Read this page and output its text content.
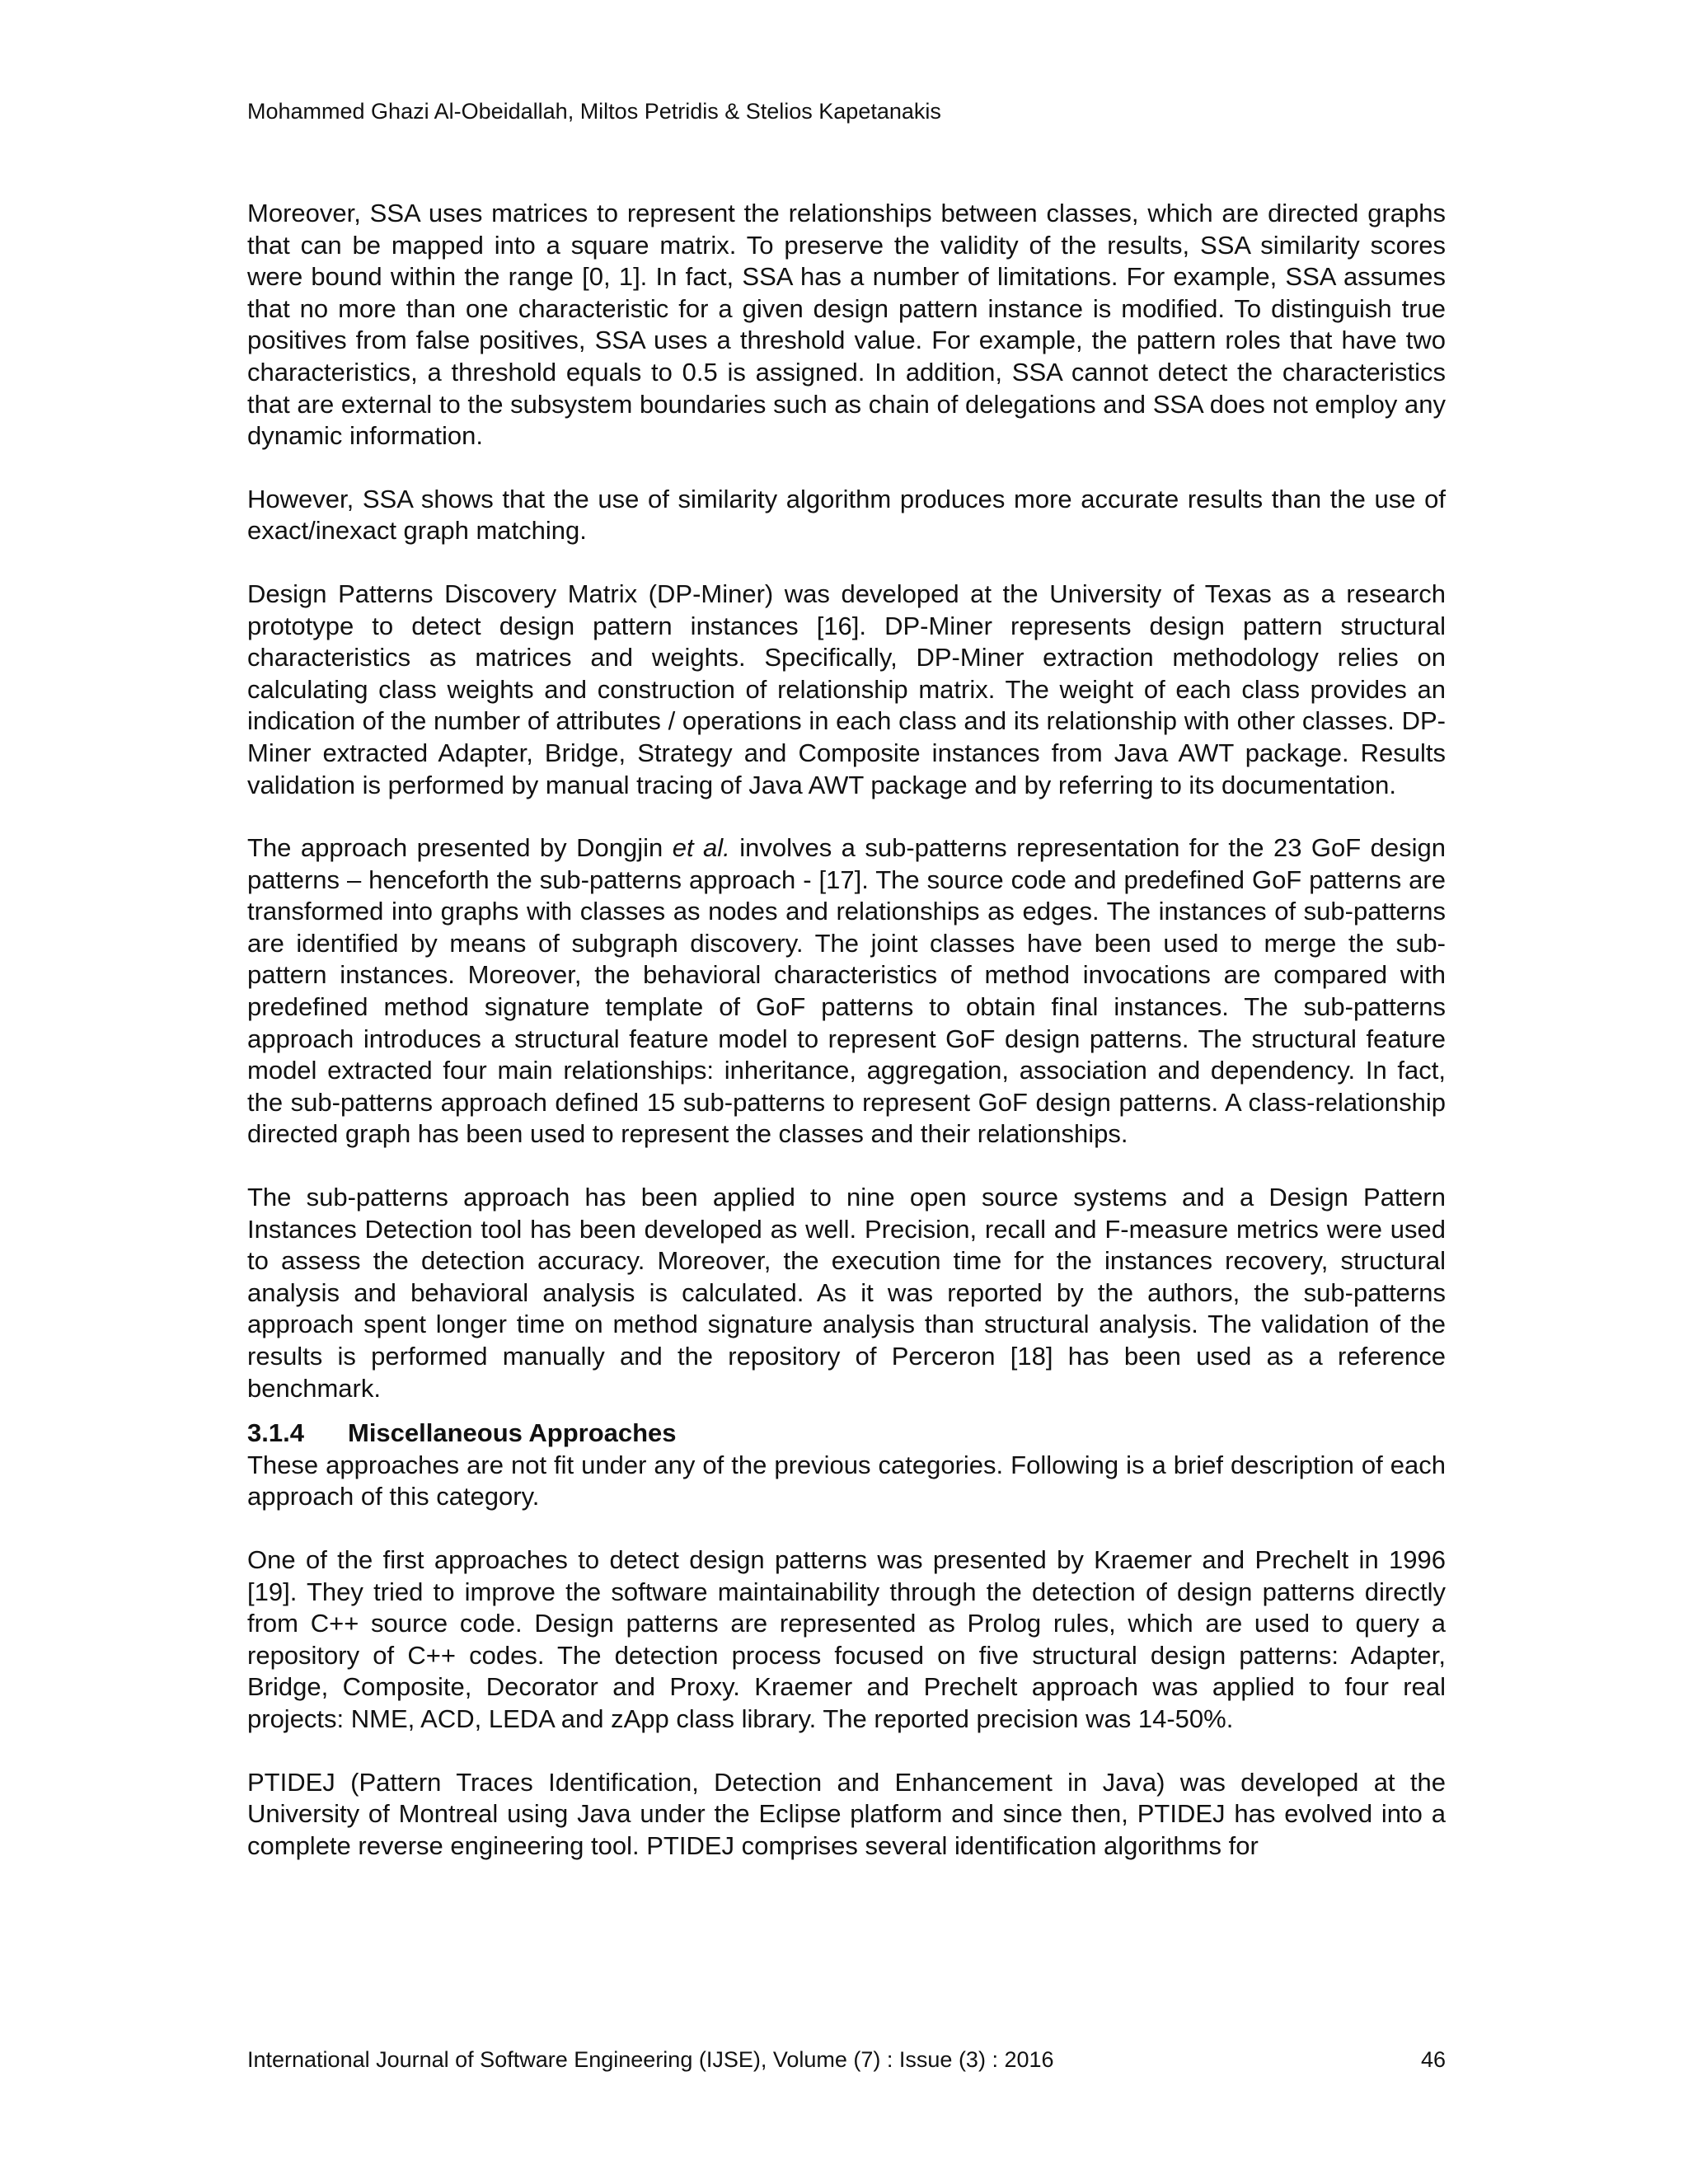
Mohammed Ghazi Al-Obeidallah, Miltos Petridis & Stelios Kapetanakis

Moreover, SSA uses matrices to represent the relationships between classes, which are directed graphs that can be mapped into a square matrix. To preserve the validity of the results, SSA similarity scores were bound within the range [0, 1]. In fact, SSA has a number of limitations. For example, SSA assumes that no more than one characteristic for a given design pattern instance is modified. To distinguish true positives from false positives, SSA uses a threshold value. For example, the pattern roles that have two characteristics, a threshold equals to 0.5 is assigned. In addition, SSA cannot detect the characteristics that are external to the subsystem boundaries such as chain of delegations and SSA does not employ any dynamic information.

However, SSA shows that the use of similarity algorithm produces more accurate results than the use of exact/inexact graph matching.

Design Patterns Discovery Matrix (DP-Miner) was developed at the University of Texas as a research prototype to detect design pattern instances [16]. DP-Miner represents design pattern structural characteristics as matrices and weights. Specifically, DP-Miner extraction methodology relies on calculating class weights and construction of relationship matrix. The weight of each class provides an indication of the number of attributes / operations in each class and its relationship with other classes. DP-Miner extracted Adapter, Bridge, Strategy and Composite instances from Java AWT package. Results validation is performed by manual tracing of Java AWT package and by referring to its documentation.

The approach presented by Dongjin et al. involves a sub-patterns representation for the 23 GoF design patterns – henceforth the sub-patterns approach - [17]. The source code and predefined GoF patterns are transformed into graphs with classes as nodes and relationships as edges. The instances of sub-patterns are identified by means of subgraph discovery. The joint classes have been used to merge the sub-pattern instances. Moreover, the behavioral characteristics of method invocations are compared with predefined method signature template of GoF patterns to obtain final instances. The sub-patterns approach introduces a structural feature model to represent GoF design patterns. The structural feature model extracted four main relationships: inheritance, aggregation, association and dependency. In fact, the sub-patterns approach defined 15 sub-patterns to represent GoF design patterns. A class-relationship directed graph has been used to represent the classes and their relationships.

The sub-patterns approach has been applied to nine open source systems and a Design Pattern Instances Detection tool has been developed as well. Precision, recall and F-measure metrics were used to assess the detection accuracy. Moreover, the execution time for the instances recovery, structural analysis and behavioral analysis is calculated. As it was reported by the authors, the sub-patterns approach spent longer time on method signature analysis than structural analysis. The validation of the results is performed manually and the repository of Perceron [18] has been used as a reference benchmark.

3.1.4 Miscellaneous Approaches

These approaches are not fit under any of the previous categories. Following is a brief description of each approach of this category.

One of the first approaches to detect design patterns was presented by Kraemer and Prechelt in 1996 [19]. They tried to improve the software maintainability through the detection of design patterns directly from C++ source code. Design patterns are represented as Prolog rules, which are used to query a repository of C++ codes. The detection process focused on five structural design patterns: Adapter, Bridge, Composite, Decorator and Proxy. Kraemer and Prechelt approach was applied to four real projects: NME, ACD, LEDA and zApp class library. The reported precision was 14-50%.

PTIDEJ (Pattern Traces Identification, Detection and Enhancement in Java) was developed at the University of Montreal using Java under the Eclipse platform and since then, PTIDEJ has evolved into a complete reverse engineering tool. PTIDEJ comprises several identification algorithms for

International Journal of Software Engineering (IJSE), Volume (7) : Issue (3) : 2016	46
